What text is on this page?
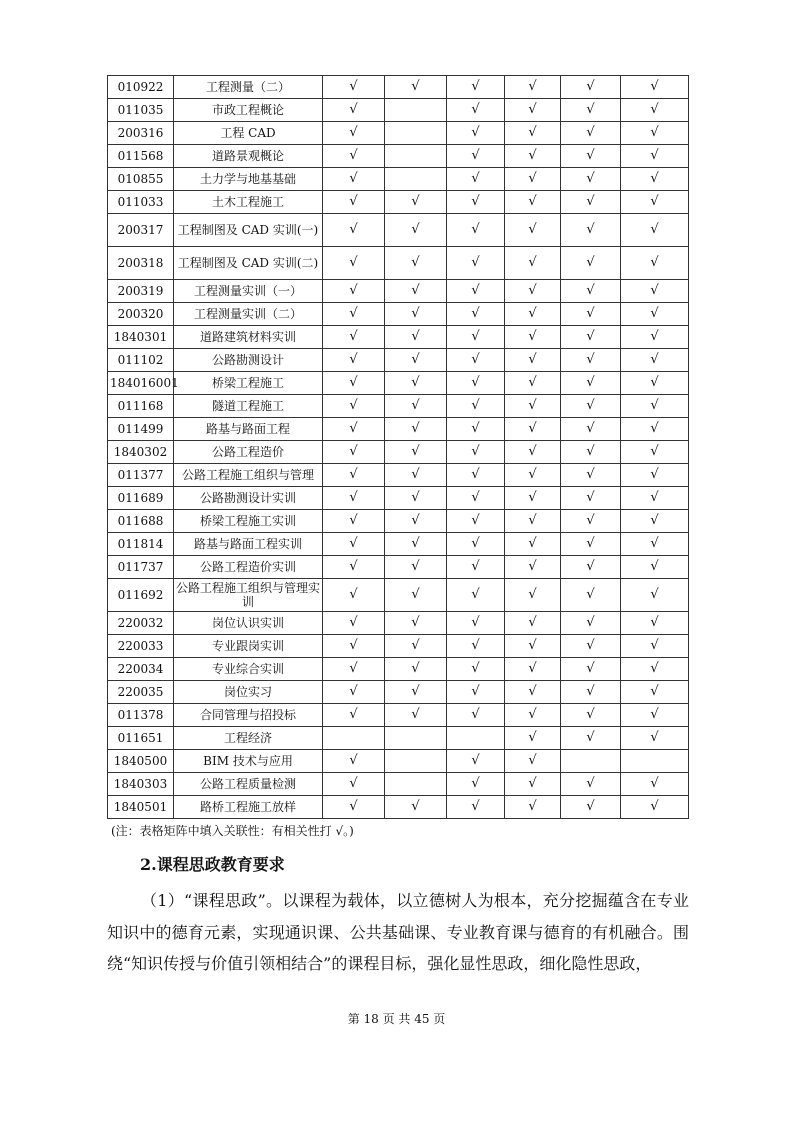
010922	工程测量（二）	√	√	√	√	√	√
011035	市政工程概论	√		√	√	√	√
200316	工程 CAD	√		√	√	√	√
011568	道路景观概论	√		√	√	√	√
010855	土力学与地基基础	√		√	√	√	√
011033	土木工程施工	√	√	√	√	√	√
200317	工程制图及 CAD 实训(一)	√	√	√	√	√	√
200318	工程制图及 CAD 实训(二)	√	√	√	√	√	√
200319	工程测量实训（一）	√	√	√	√	√	√
200320	工程测量实训（二）	√	√	√	√	√	√
1840301	道路建筑材料实训	√	√	√	√	√	√
011102	公路勘测设计	√	√	√	√	√	√
184016001	桥梁工程施工	√	√	√	√	√	√
011168	隧道工程施工	√	√	√	√	√	√
011499	路基与路面工程	√	√	√	√	√	√
1840302	公路工程造价	√	√	√	√	√	√
011377	公路工程施工组织与管理	√	√	√	√	√	√
011689	公路勘测设计实训	√	√	√	√	√	√
011688	桥梁工程施工实训	√	√	√	√	√	√
011814	路基与路面工程实训	√	√	√	√	√	√
011737	公路工程造价实训	√	√	√	√	√	√
011692	公路工程施工组织与管理实训	√	√	√	√	√	√
220032	岗位认识实训	√	√	√	√	√	√
220033	专业跟岗实训	√	√	√	√	√	√
220034	专业综合实训	√	√	√	√	√	√
220035	岗位实习	√	√	√	√	√	√
011378	合同管理与招投标	√	√	√	√	√	√
011651	工程经济				√	√	√
1840500	BIM 技术与应用	√		√	√		
1840303	公路工程质量检测	√		√	√	√	√
1840501	路桥工程施工放样	√	√	√	√	√	√
(注：表格矩阵中填入关联性：有相关性打 √。)
2.课程思政教育要求
（1）“课程思政”。以课程为载体，以立德树人为根本，充分挖掘蕴含在专业知识中的德育元素，实现通识课、公共基础课、专业教育课与德育的有机融合。围绕“知识传授与价值引领相结合”的课程目标，强化显性思政，细化隐性思政，
第 18 页 共 45 页
